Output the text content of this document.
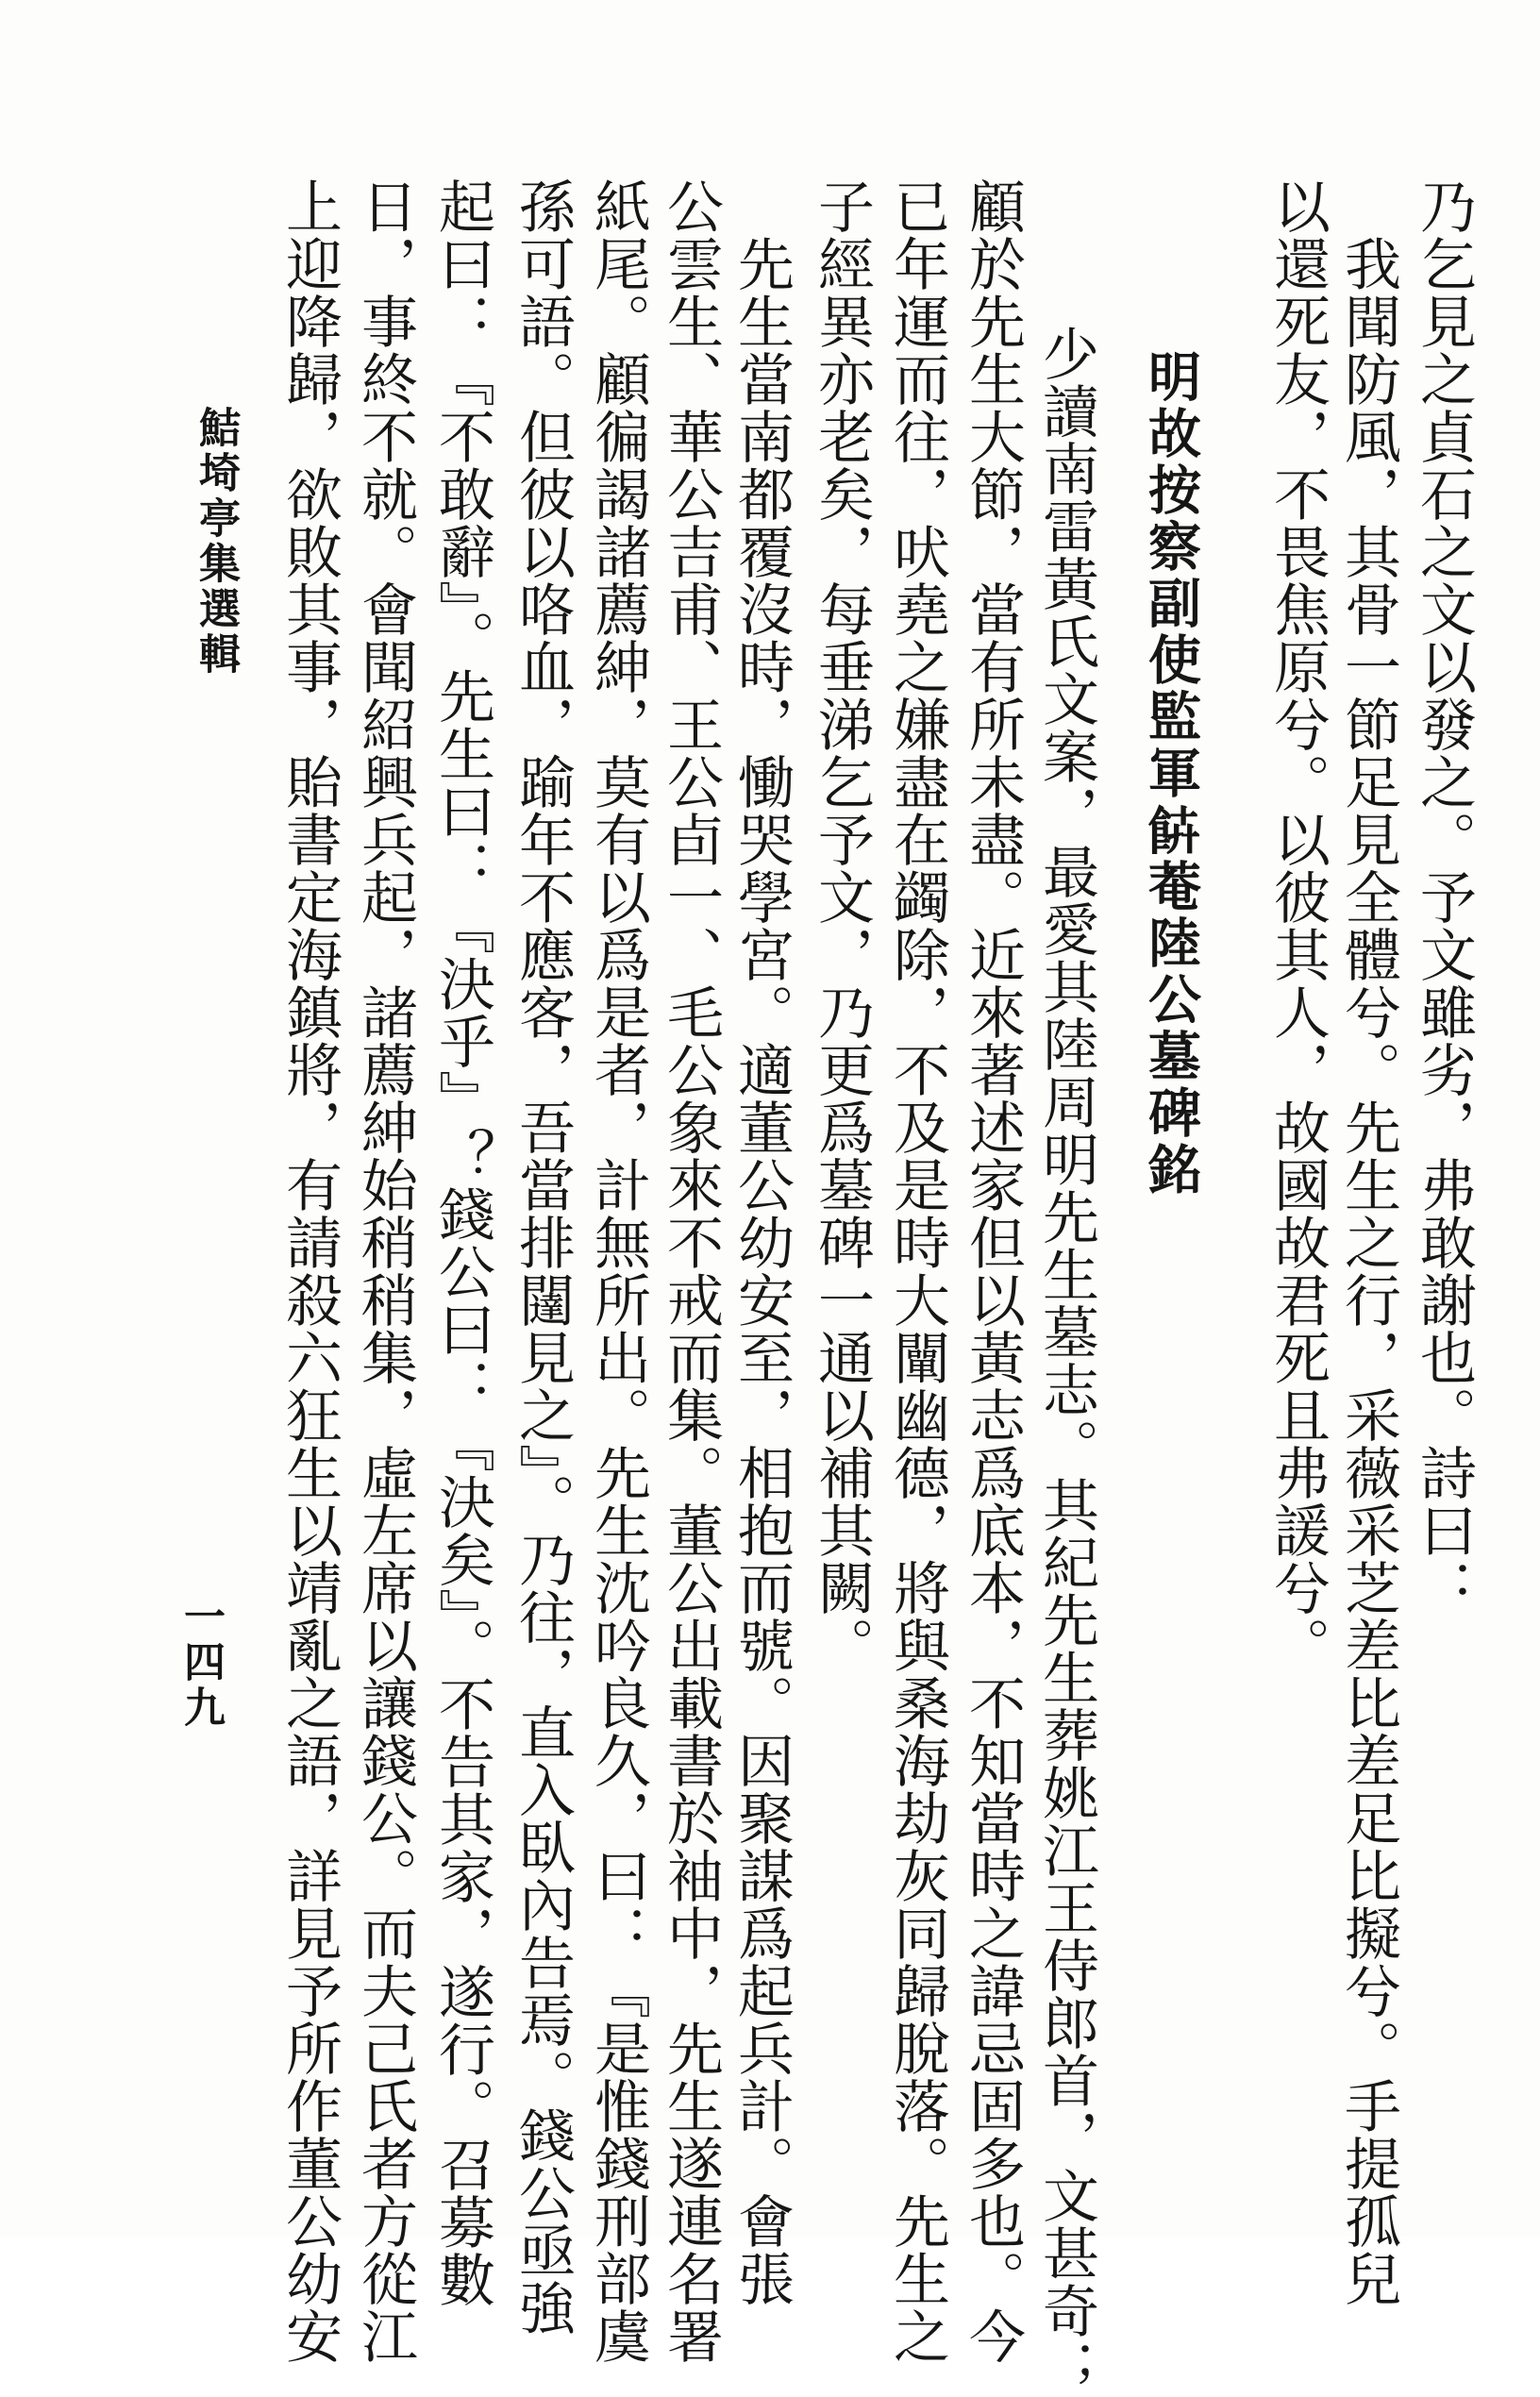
乃乞見之貞石之文以發之。予文雖劣，弗敢謝也。詩曰：
　我聞防風，其骨一節足見全體兮。先生之行，采薇采芝差比差足比擬兮。手提孤兒
以還死友，不畏焦原兮。以彼其人，故國故君死且弗諼兮。
明故按察副使監軍𩚰菴陸公墓碑銘
　少讀南雷黃氏文案，最愛其陸周明先生墓志。其紀先生葬姚江王侍郎首，文甚奇；
顧於先生大節，當有所未盡。近來著述家但以黃志爲底本，不知當時之諱忌固多也。今
已年運而往，吠堯之嫌盡在蠲除，不及是時大闡幽德，將與桑海劫灰同歸脫落。先生之
子經異亦老矣，每垂涕乞予文，乃更爲墓碑一通以補其闕。
　先生當南都覆沒時，慟哭學宮。適董公幼安至，相抱而號。因聚謀爲起兵計。會張
公雲生、華公吉甫、王公卣一、毛公象來不戒而集。董公出載書於袖中，先生遂連名署
紙尾。顧徧謁諸薦紳，莫有以爲是者，計無所出。先生沈吟良久，曰：『是惟錢刑部虞
孫可語。但彼以咯血，踰年不應客，吾當排闥見之』。乃往，直入臥內告焉。錢公亟強
起曰：『不敢辭』。先生曰：『決乎』？錢公曰：『決矣』。不告其家，遂行。召募數
日，事終不就。會聞紹興兵起，諸薦紳始稍稍集，虛左席以讓錢公。而夫己氏者方從江
上迎降歸，欲敗其事，貽書定海鎮將，有請殺六狂生以靖亂之語，詳見予所作董公幼安
鮚埼亭集選輯
一四九
